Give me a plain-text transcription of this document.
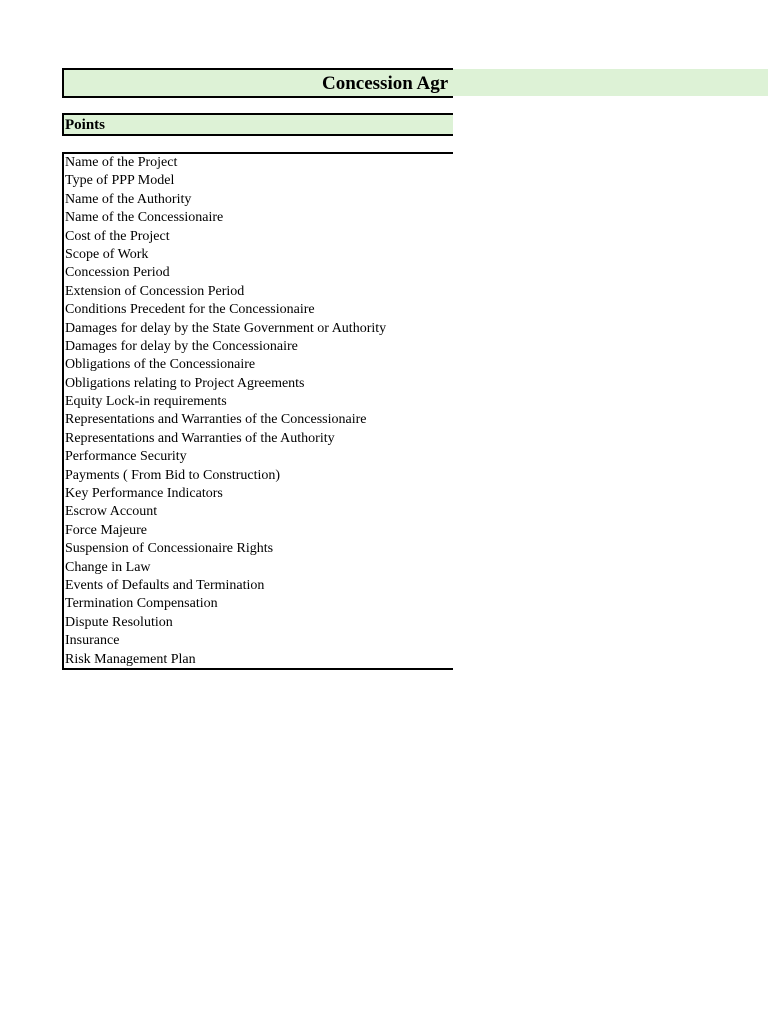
Concession Agr
Points
Name of the Project
Type of PPP Model
Name of the Authority
Name of the Concessionaire
Cost of the Project
Scope of Work
Concession Period
Extension of Concession Period
Conditions Precedent for the Concessionaire
Damages for delay by the State Government or Authority
Damages for delay by the Concessionaire
Obligations of the Concessionaire
Obligations relating to Project Agreements
Equity Lock-in requirements
Representations and Warranties of the Concessionaire
Representations and Warranties of the Authority
Performance Security
Payments ( From Bid to Construction)
Key Performance Indicators
Escrow Account
Force Majeure
Suspension of Concessionaire Rights
Change in Law
Events of Defaults and Termination
Termination Compensation
Dispute Resolution
Insurance
Risk Management Plan
